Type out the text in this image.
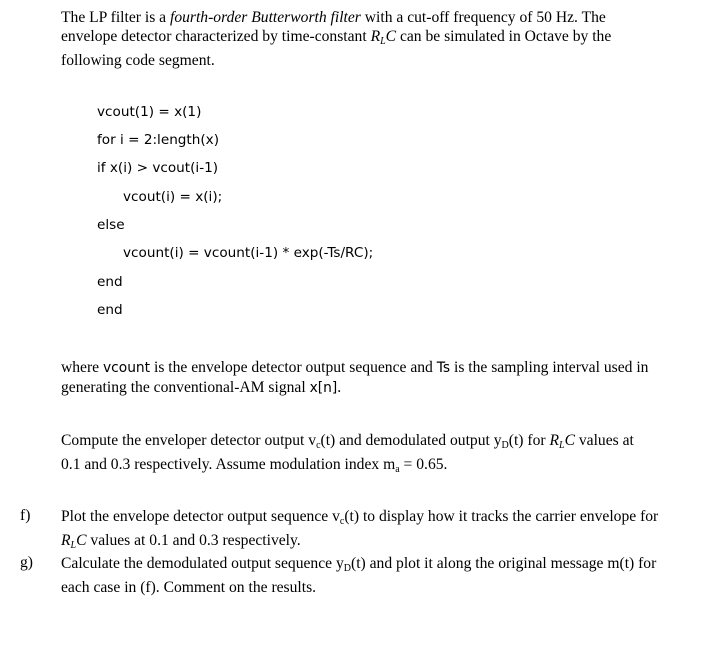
The LP filter is a fourth-order Butterworth filter with a cut-off frequency of 50 Hz. The
envelope detector characterized by time-constant $R_LC$ can be simulated in Octave by the
following code segment.
vcout(1) = x(1)
for i = 2:length(x)
if x(i) > vcout(i-1)
vcout(i) = x(i);
else
vcount(i) = vcount(i-1) * exp(-Ts/RC);
end
end
where vcount is the envelope detector output sequence and Ts is the sampling interval used in
generating the conventional-AM signal x[n].
Compute the enveloper detector output $v_c(t)$ and demodulated output $y_D(t)$ for $R_LC$ values at
0.1 and 0.3 respectively. Assume modulation index $m_a = 0.65$.
f) Plot the envelope detector output sequence $v_c(t)$ to display how it tracks the carrier envelope for
$R_LC$ values at 0.1 and 0.3 respectively.
g) Calculate the demodulated output sequence $y_D(t)$ and plot it along the original message m(t) for
each case in (f). Comment on the results.
